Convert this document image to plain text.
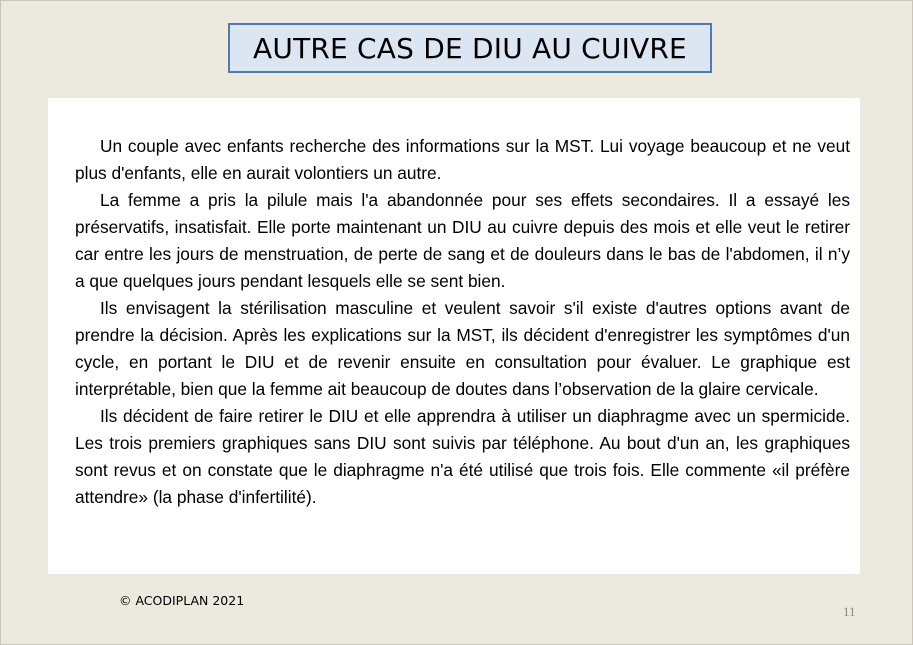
AUTRE CAS DE DIU AU CUIVRE

Un couple avec enfants recherche des informations sur la MST. Lui voyage beaucoup et ne veut plus d'enfants, elle en aurait volontiers un autre.

La femme a pris la pilule mais l'a abandonnée pour ses effets secondaires. Il a essayé les préservatifs, insatisfait. Elle porte maintenant un DIU au cuivre depuis des mois et elle veut le retirer car entre les jours de menstruation, de perte de sang et de douleurs dans le bas de l'abdomen, il n’y a que quelques jours pendant lesquels elle se sent bien.

Ils envisagent la stérilisation masculine et veulent savoir s'il existe d'autres options avant de prendre la décision. Après les explications sur la MST, ils décident d'enregistrer les symptômes d'un cycle, en portant le DIU et de revenir ensuite en consultation pour évaluer. Le graphique est interprétable, bien que la femme ait beaucoup de doutes dans l’observation de la glaire cervicale.

Ils décident de faire retirer le DIU et elle apprendra à utiliser un diaphragme avec un spermicide. Les trois premiers graphiques sans DIU sont suivis par téléphone. Au bout d'un an, les graphiques sont revus et on constate que le diaphragme n'a été utilisé que trois fois. Elle commente «il préfère attendre» (la phase d'infertilité).

© ACODIPLAN 2021
11
